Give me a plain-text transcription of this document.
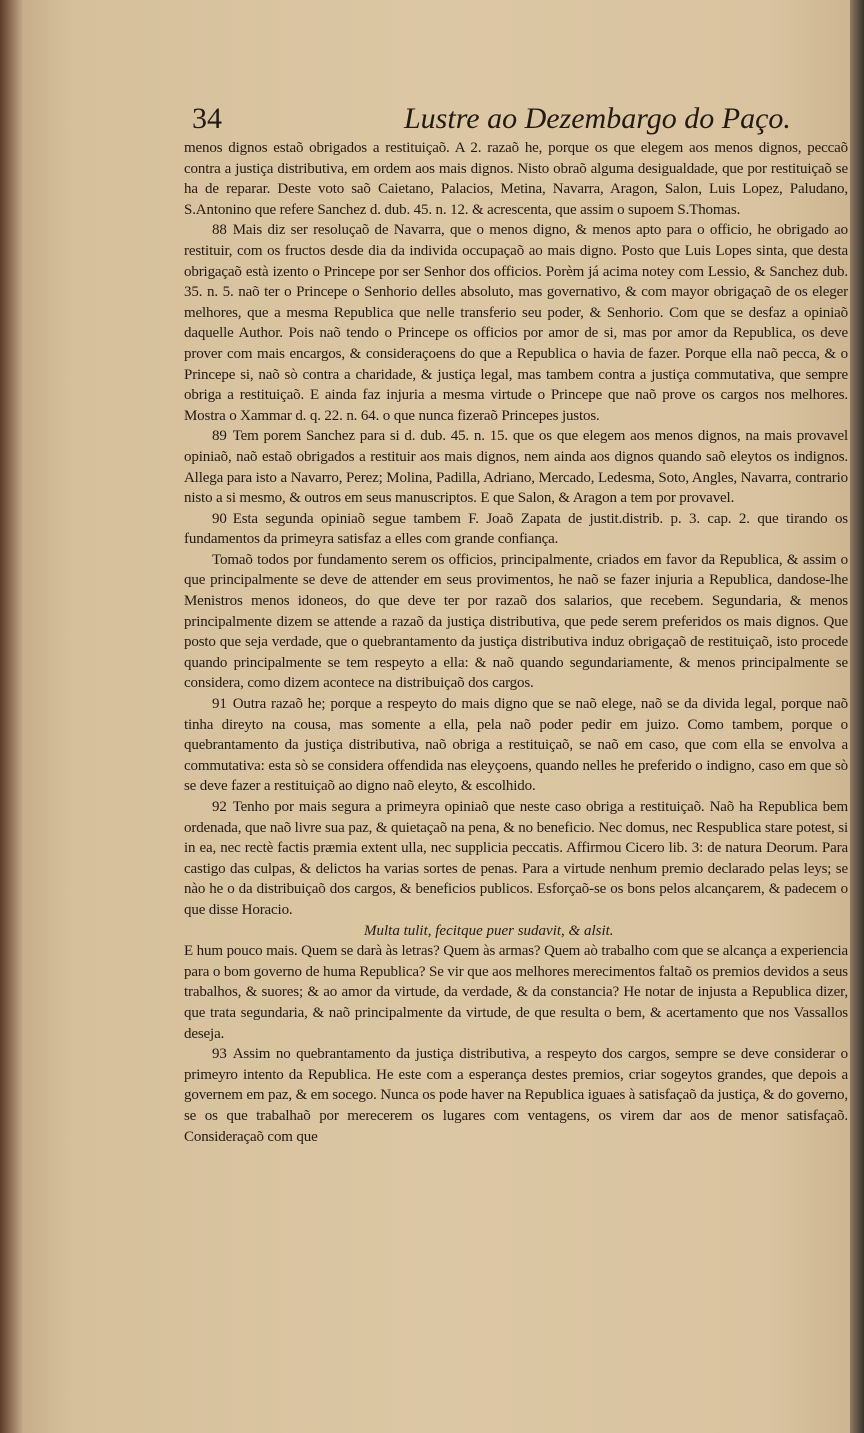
34	Lustre ao Dezembargo do Paço.

menos dignos estaõ obrigados a restituiçaõ. A 2. razaõ he, porque os que elegem aos menos dignos, peccaõ contra a justiça distributiva, em ordem aos mais dignos. Nisto obraõ alguma desigualdade, que por restituiçaõ se ha de reparar. Deste voto saõ Caietano, Palacios, Metina, Navarra, Aragon, Salon, Luis Lopez, Paludano, S.Antonino que refere Sanchez d. dub. 45. n. 12. & acrescenta, que assim o supoem S.Thomas.

88 Mais diz ser resoluçaõ de Navarra, que o menos digno, & menos apto para o officio, he obrigado ao restituir, com os fructos desde dia da individa occupaçaõ ao mais digno. Posto que Luis Lopes sinta, que desta obrigaçaõ està izento o Princepe por ser Senhor dos officios. Porèm já acima notey com Lessio, & Sanchez dub. 35. n. 5. naõ ter o Princepe o Senhorio delles absoluto, mas governativo, & com mayor obrigaçaõ de os eleger melhores, que a mesma Republica que nelle transferio seu poder, & Senhorio. Com que se desfaz a opiniaõ daquelle Author. Pois naõ tendo o Princepe os officios por amor de si, mas por amor da Republica, os deve prover com mais encargos, & consideraçoens do que a Republica o havia de fazer. Porque ella naõ pecca, & o Princepe si, naõ sò contra a charidade, & justiça legal, mas tambem contra a justiça commutativa, que sempre obriga a restituiçaõ. E ainda faz injuria a mesma virtude o Princepe que naõ prove os cargos nos melhores. Mostra o Xammar d. q. 22. n. 64. o que nunca fizeraõ Princepes justos.

89 Tem porem Sanchez para si d. dub. 45. n. 15. que os que elegem aos menos dignos, na mais provavel opiniaõ, naõ estaõ obrigados a restituir aos mais dignos, nem ainda aos dignos quando saõ eleytos os indignos. Allega para isto a Navarro, Perez; Molina, Padilla, Adriano, Mercado, Ledesma, Soto, Angles, Navarra, contrario nisto a si mesmo, & outros em seus manuscriptos. E que Salon, & Aragon a tem por provavel.

90 Esta segunda opiniaõ segue tambem F. Joaõ Zapata de justit.distrib. p. 3. cap. 2. que tirando os fundamentos da primeyra satisfaz a elles com grande confiança.

Tomaõ todos por fundamento serem os officios, principalmente, criados em favor da Republica, & assim o que principalmente se deve de attender em seus provimentos, he naõ se fazer injuria a Republica, dandose-lhe Menistros menos idoneos, do que deve ter por razaõ dos salarios, que recebem. Segundaria, & menos principalmente dizem se attende a razaõ da justiça distributiva, que pede serem preferidos os mais dignos. Que posto que seja verdade, que o quebrantamento da justiça distributiva induz obrigaçaõ de restituiçaõ, isto procede quando principalmente se tem respeyto a ella: & naõ quando segundariamente, & menos principalmente se considera, como dizem acontece na distribuiçaõ dos cargos.

91 Outra razaõ he; porque a respeyto do mais digno que se naõ elege, naõ se da divida legal, porque naõ tinha direyto na cousa, mas somente a ella, pela naõ poder pedir em juizo. Como tambem, porque o quebrantamento da justiça distributiva, naõ obriga a restituiçaõ, se naõ em caso, que com ella se envolva a commutativa: esta sò se considera offendida nas eleyçoens, quando nelles he preferido o indigno, caso em que sò se deve fazer a restituiçaõ ao digno naõ eleyto, & escolhido.

92 Tenho por mais segura a primeyra opiniaõ que neste caso obriga a restituiçaõ. Naõ ha Republica bem ordenada, que naõ livre sua paz, & quietaçaõ na pena, & no beneficio. Nec domus, nec Respublica stare potest, si in ea, nec rectè factis præmia extent ulla, nec supplicia peccatis. Affirmou Cicero lib. 3: de natura Deorum. Para castigo das culpas, & delictos ha varias sortes de penas. Para a virtude nenhum premio declarado pelas leys; se nào he o da distribuiçaõ dos cargos, & beneficios publicos. Esforçaõ-se os bons pelos alcançarem, & padecem o que disse Horacio.

Multa tulit, fecitque puer sudavit, & alsit.

E hum pouco mais. Quem se darà às letras? Quem às armas? Quem aò trabalho com que se alcança a experiencia para o bom governo de huma Republica? Se vir que aos melhores merecimentos faltaõ os premios devidos a seus trabalhos, & suores; & ao amor da virtude, da verdade, & da constancia? He notar de injusta a Republica dizer, que trata segundaria, & naõ principalmente da virtude, de que resulta o bem, & acertamento que nos Vassallos deseja.

93 Assim no quebrantamento da justiça distributiva, a respeyto dos cargos, sempre se deve considerar o primeyro intento da Republica. He este com a esperança destes premios, criar sogeytos grandes, que depois a governem em paz, & em socego. Nunca os pode haver na Republica iguaes à satisfaçaõ da justiça, & do governo, se os que trabalhaõ por merecerem os lugares com ventagens, os virem dar aos de menor satisfaçaõ. Consideraçaõ com que
